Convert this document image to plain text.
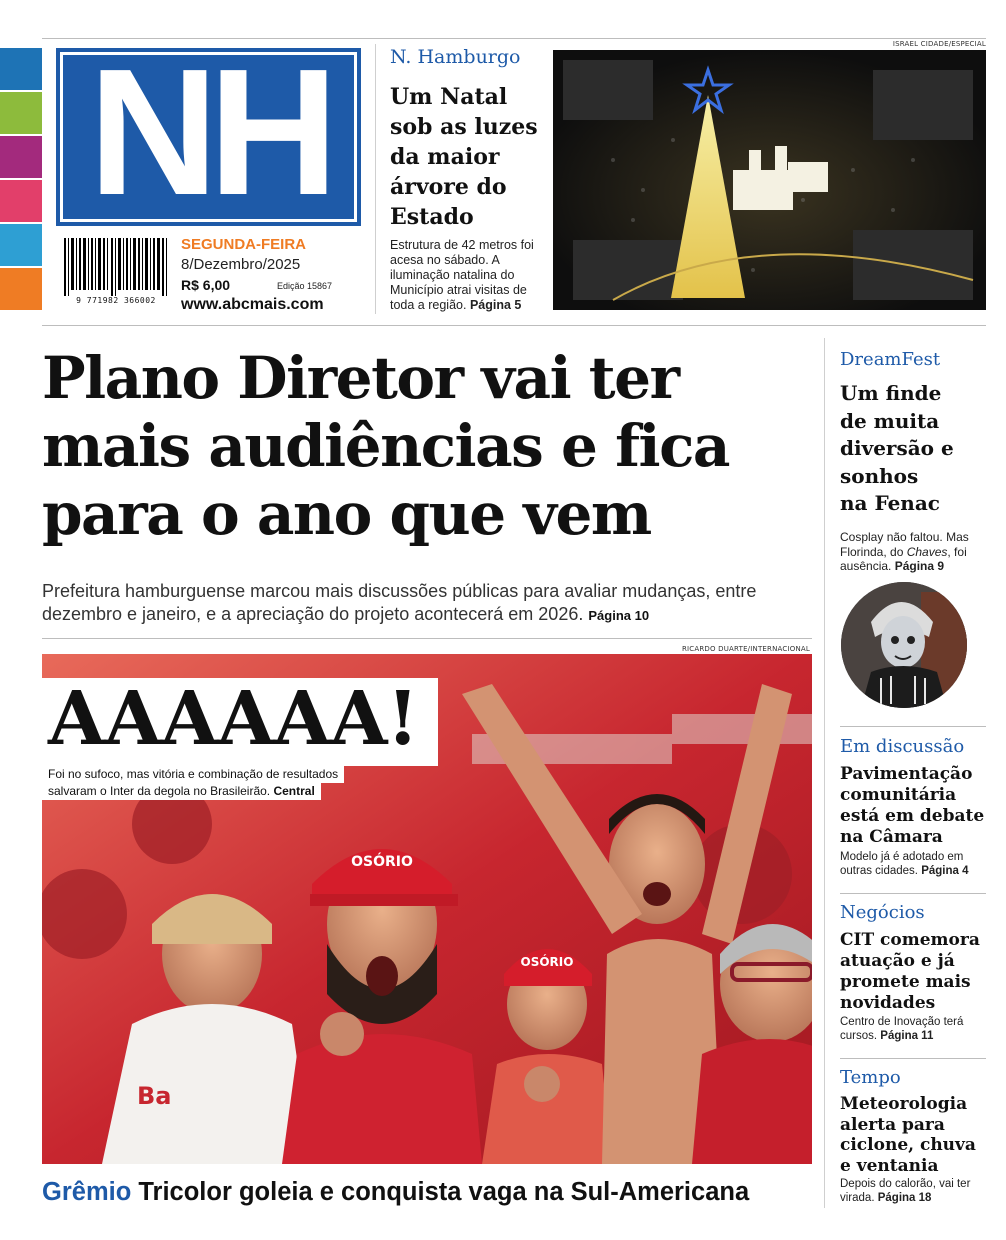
NH
9 771982 366002
SEGUNDA-FEIRA
8/Dezembro/2025
R$ 6,00	Edição 15867
www.abcmais.com
N. Hamburgo
Um Natal
sob as luzes
da maior
árvore do
Estado
Estrutura de 42 metros foi acesa no sábado. A iluminação natalina do Município atrai visitas de toda a região. Página 5
ISRAEL CIDADE/ESPECIAL
Plano Diretor vai ter
mais audiências e fica
para o ano que vem
Prefeitura hamburguense marcou mais discussões públicas para avaliar mudanças, entre dezembro e janeiro, e a apreciação do projeto acontecerá em 2026. Página 10
RICARDO DUARTE/INTERNACIONAL
OSÓRIO
OSÓRIO
Ba
AAAAAA!
Foi no sufoco, mas vitória e combinação de resultados
salvaram o Inter da degola no Brasileirão. Central
Grêmio Tricolor goleia e conquista vaga na Sul-Americana
DreamFest
Um finde
de muita
diversão e
sonhos
na Fenac
Cosplay não faltou. Mas Florinda, do Chaves, foi ausência. Página 9
Em discussão
Pavimentação
comunitária
está em debate
na Câmara
Modelo já é adotado em outras cidades. Página 4
Negócios
CIT comemora
atuação e já
promete mais
novidades
Centro de Inovação terá cursos. Página 11
Tempo
Meteorologia
alerta para
ciclone, chuva
e ventania
Depois do calorão, vai ter virada. Página 18
